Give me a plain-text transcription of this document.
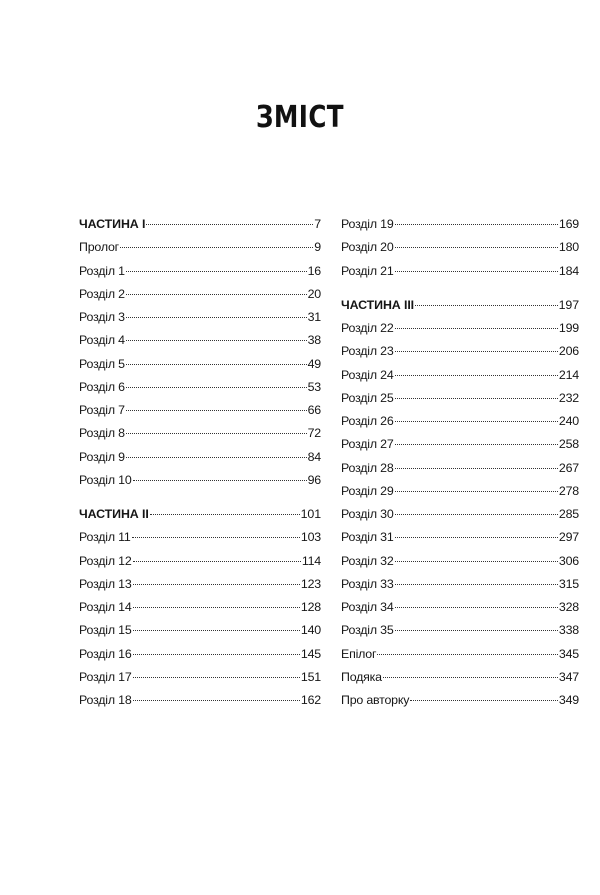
ЗМІСТ
ЧАСТИНА І	7
Пролог	9
Розділ 1	16
Розділ 2	20
Розділ 3	31
Розділ 4	38
Розділ 5	49
Розділ 6	53
Розділ 7	66
Розділ 8	72
Розділ 9	84
Розділ 10	96
ЧАСТИНА ІІ	101
Розділ 11	103
Розділ 12	114
Розділ 13	123
Розділ 14	128
Розділ 15	140
Розділ 16	145
Розділ 17	151
Розділ 18	162
Розділ 19	169
Розділ 20	180
Розділ 21	184
ЧАСТИНА ІІІ	197
Розділ 22	199
Розділ 23	206
Розділ 24	214
Розділ 25	232
Розділ 26	240
Розділ 27	258
Розділ 28	267
Розділ 29	278
Розділ 30	285
Розділ 31	297
Розділ 32	306
Розділ 33	315
Розділ 34	328
Розділ 35	338
Епілог	345
Подяка	347
Про авторку	349
